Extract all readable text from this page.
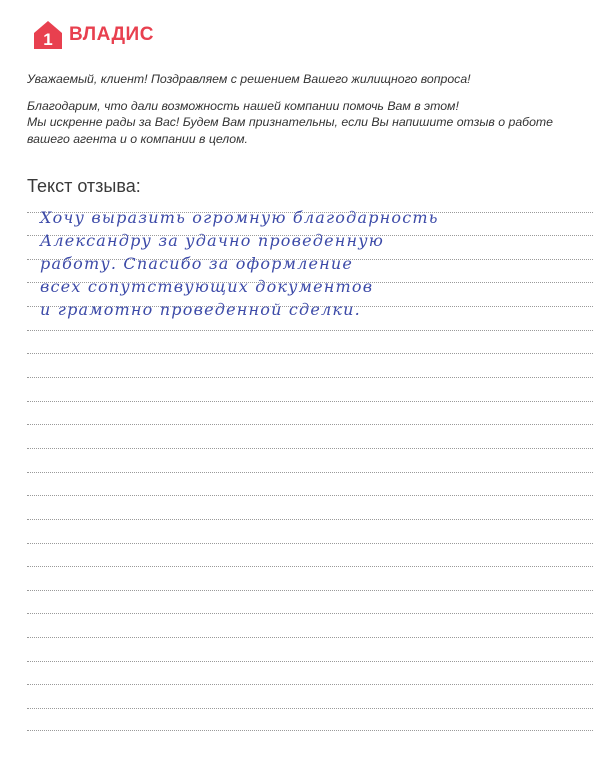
1 ВЛАДИС

Уважаемый, клиент! Поздравляем с решением Вашего жилищного вопроса!

Благодарим, что дали возможность нашей компании помочь Вам в этом!

Мы искренне рады за Вас! Будем Вам признательны, если Вы напишите отзыв о работе

вашего агента и о компании в целом.

Текст отзыва:
Хочу выразить огромную благодарность
Александру за удачно проведенную
работу. Спасибо за оформление
всех сопутствующих документов
и грамотно проведенной сделки.
